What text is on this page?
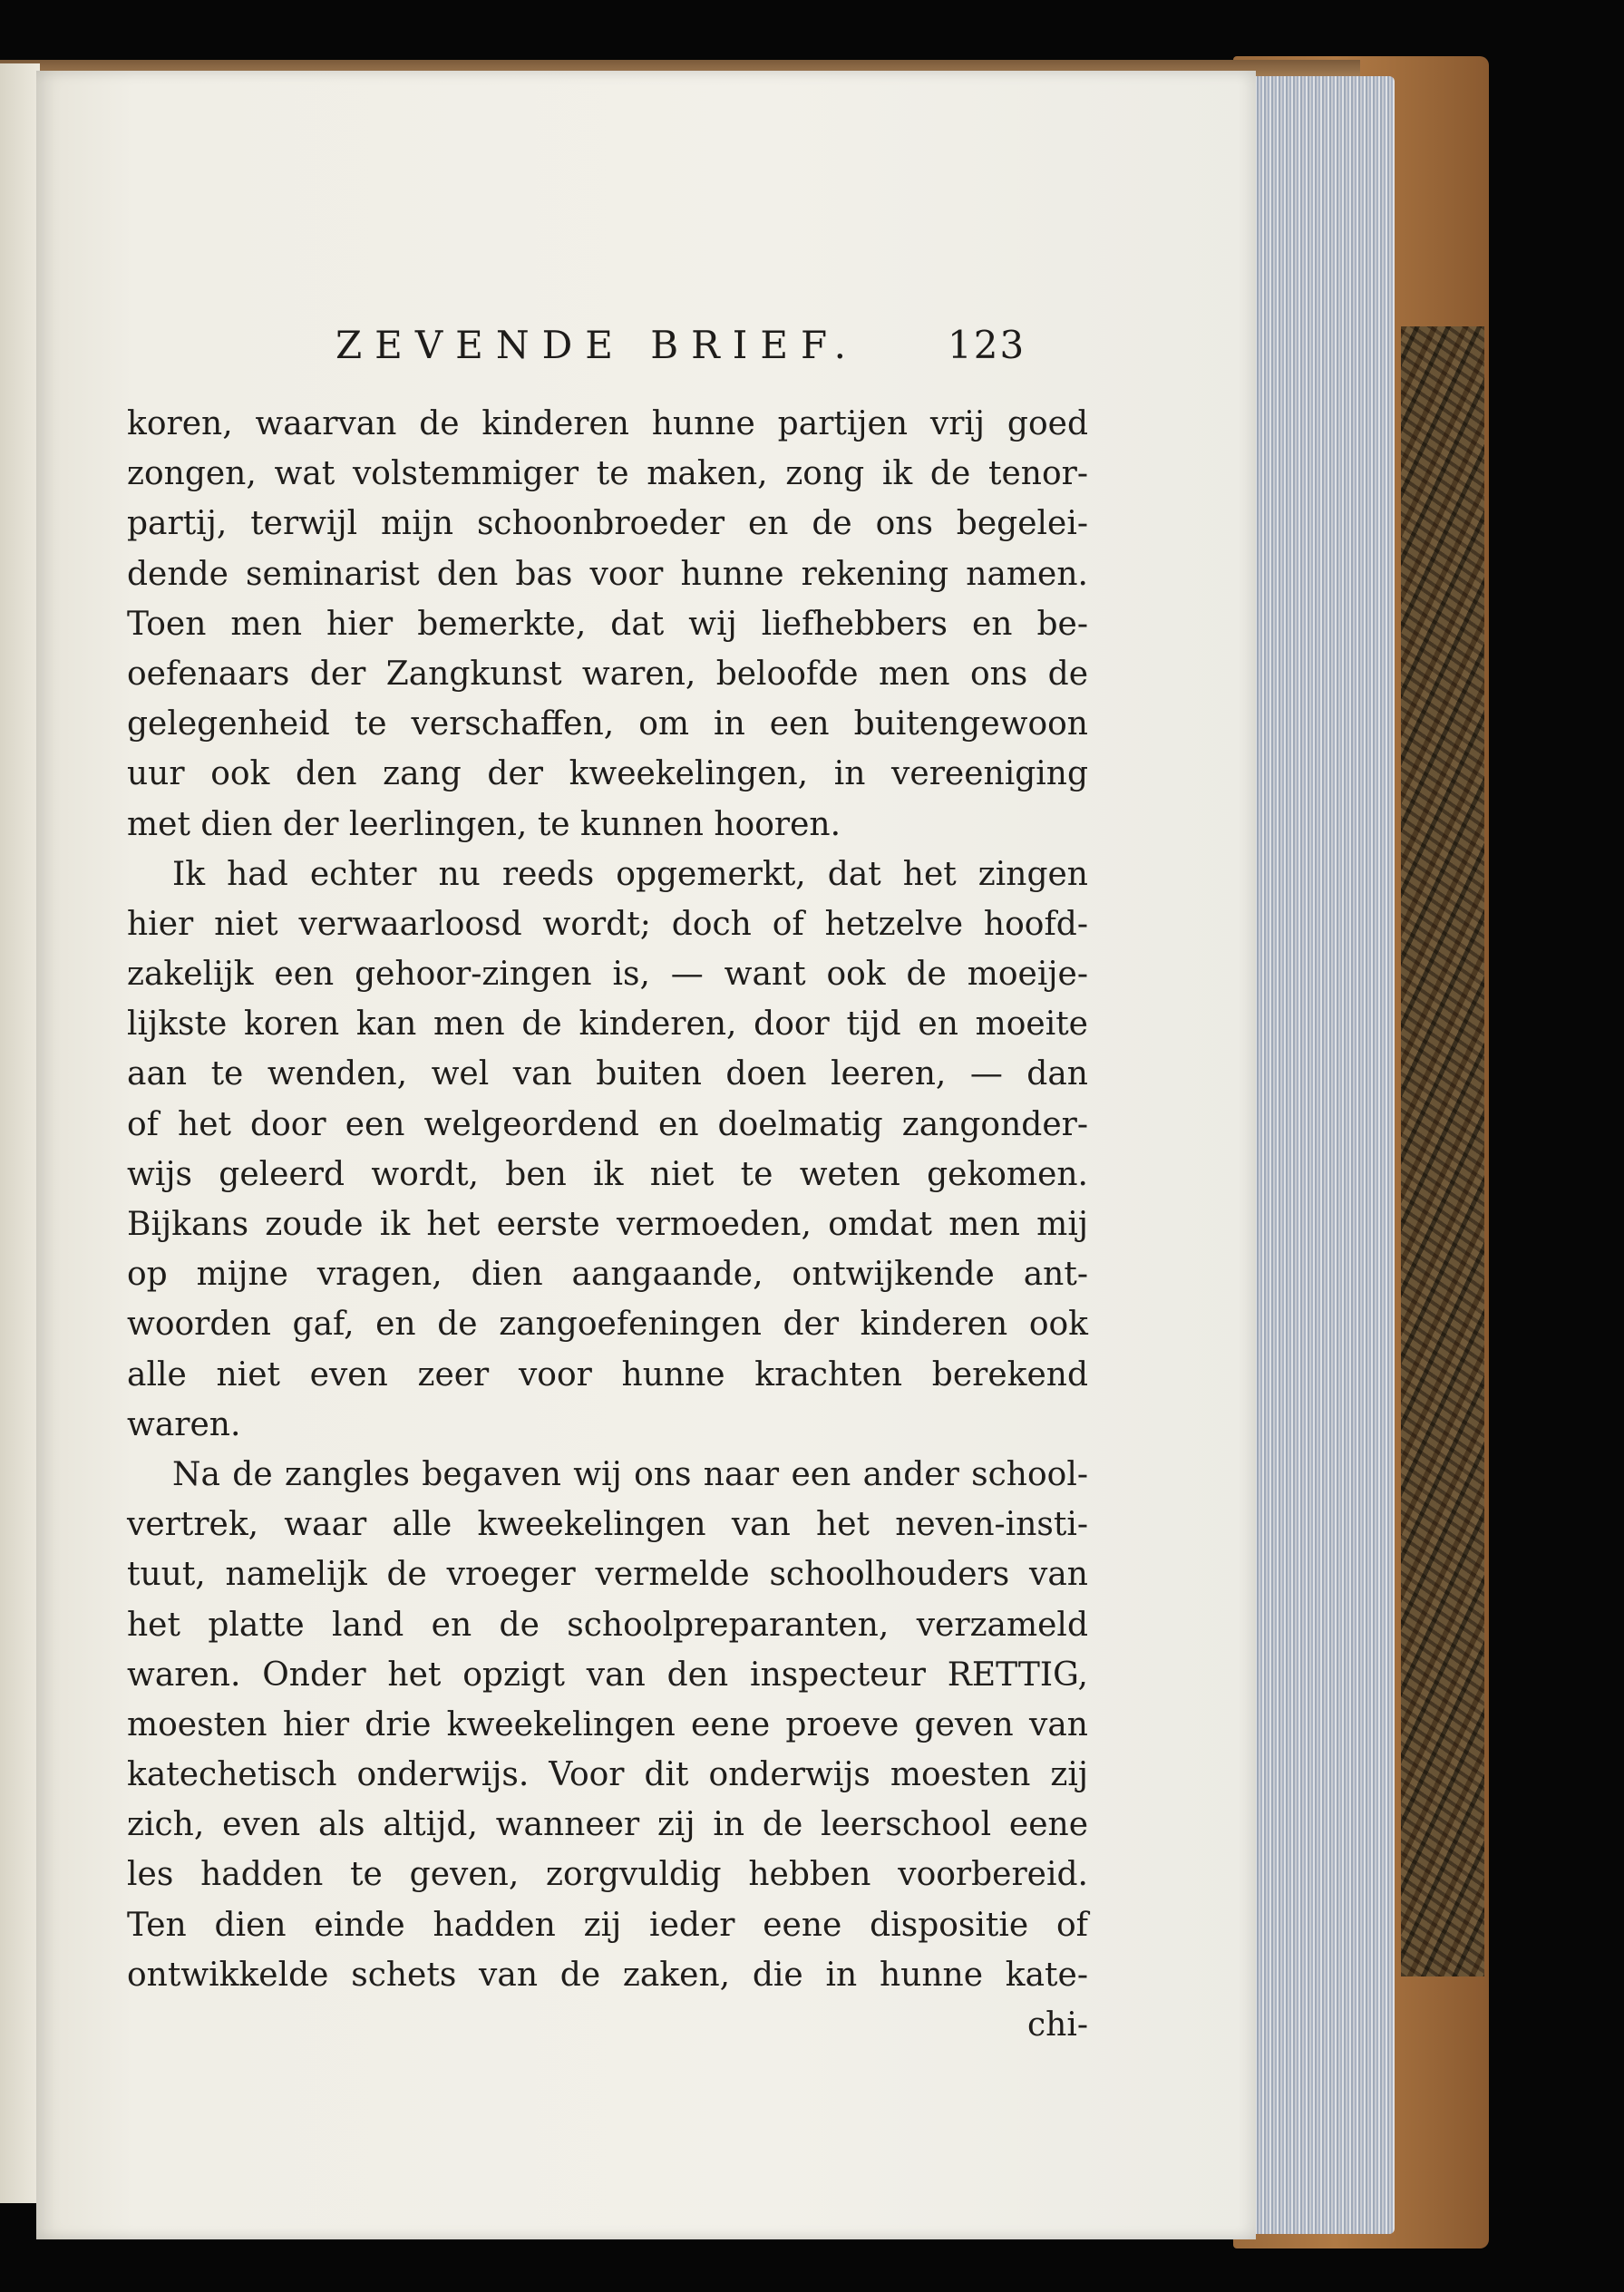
ZEVENDE BRIEF. 123
koren, waarvan de kinderen hunne partijen vrij goed
zongen, wat volstemmiger te maken, zong ik de tenor-
partij, terwijl mijn schoonbroeder en de ons begelei-
dende seminarist den bas voor hunne rekening namen.
Toen men hier bemerkte, dat wij liefhebbers en be-
oefenaars der Zangkunst waren, beloofde men ons de
gelegenheid te verschaffen, om in een buitengewoon
uur ook den zang der kweekelingen, in vereeniging
met dien der leerlingen, te kunnen hooren.
Ik had echter nu reeds opgemerkt, dat het zingen
hier niet verwaarloosd wordt; doch of hetzelve hoofd-
zakelijk een gehoor-zingen is, — want ook de moeije-
lijkste koren kan men de kinderen, door tijd en moeite
aan te wenden, wel van buiten doen leeren, — dan
of het door een welgeordend en doelmatig zangonder-
wijs geleerd wordt, ben ik niet te weten gekomen.
Bijkans zoude ik het eerste vermoeden, omdat men mij
op mijne vragen, dien aangaande, ontwijkende ant-
woorden gaf, en de zangoefeningen der kinderen ook
alle niet even zeer voor hunne krachten berekend
waren.
Na de zangles begaven wij ons naar een ander school-
vertrek, waar alle kweekelingen van het neven-insti-
tuut, namelijk de vroeger vermelde schoolhouders van
het platte land en de schoolpreparanten, verzameld
waren. Onder het opzigt van den inspecteur RETTIG,
moesten hier drie kweekelingen eene proeve geven van
katechetisch onderwijs. Voor dit onderwijs moesten zij
zich, even als altijd, wanneer zij in de leerschool eene
les hadden te geven, zorgvuldig hebben voorbereid.
Ten dien einde hadden zij ieder eene dispositie of
ontwikkelde schets van de zaken, die in hunne kate-
chi-
